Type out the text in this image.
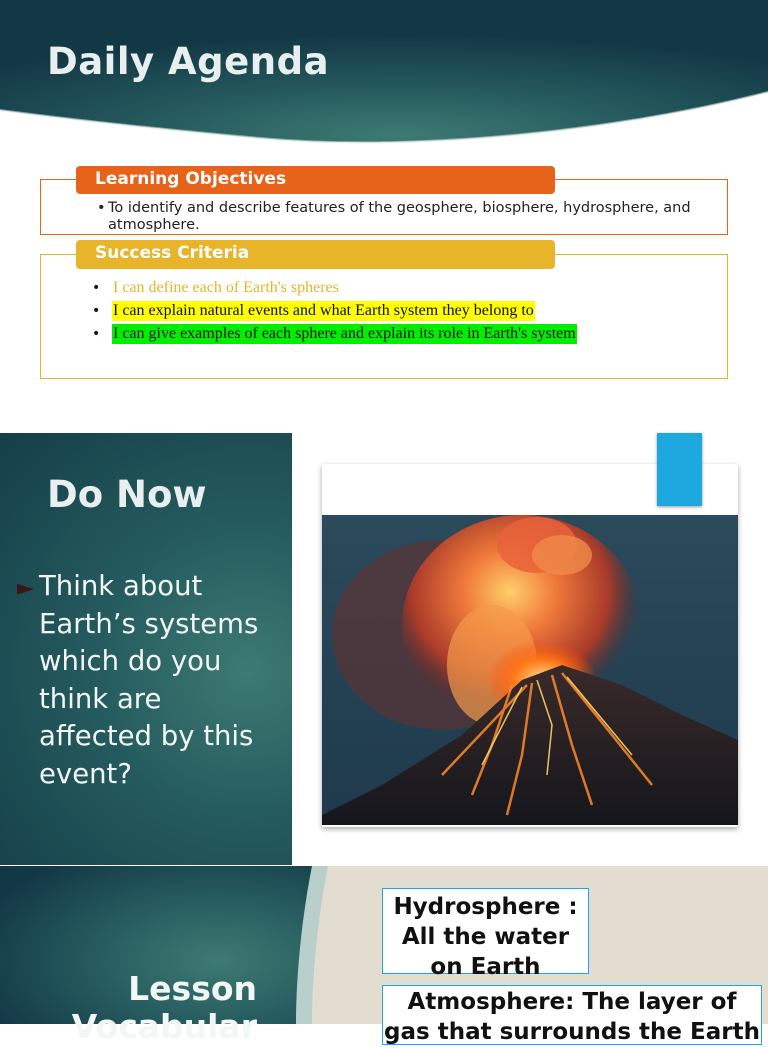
Daily Agenda
Learning Objectives
• To identify and describe features of the geosphere, biosphere, hydrosphere, and atmosphere.
Success Criteria
• I can define each of Earth's spheres
• I can explain natural events and what Earth system they belong to
• I can give examples of each sphere and explain its role in Earth's system
Do Now
► Think about Earth’s systems which do you think are affected by this event?

Lesson Vocabular
Hydrosphere : All the water on Earth
Atmosphere: The layer of gas that surrounds the Earth
